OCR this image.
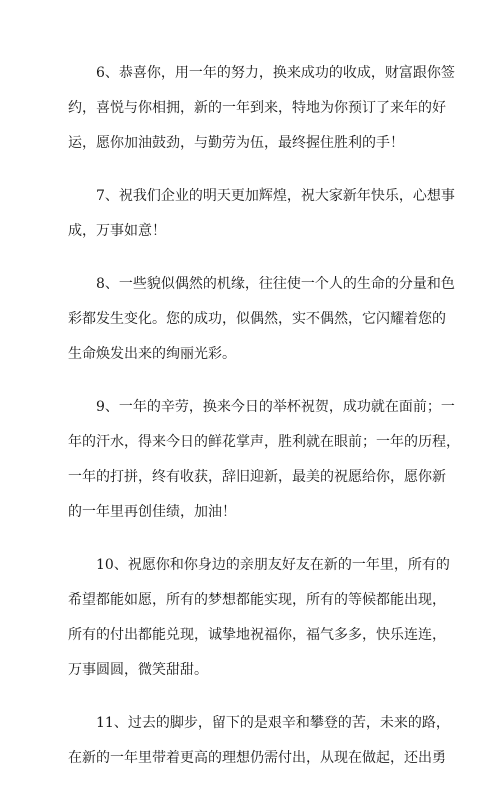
6、恭喜你，用一年的努力，换来成功的收成，财富跟你签
约，喜悦与你相拥，新的一年到来，特地为你预订了来年的好
运，愿你加油鼓劲，与勤劳为伍，最终握住胜利的手！
7、祝我们企业的明天更加辉煌，祝大家新年快乐，心想事
成，万事如意！
8、一些貌似偶然的机缘，往往使一个人的生命的分量和色
彩都发生变化。您的成功，似偶然，实不偶然，它闪耀着您的
生命焕发出来的绚丽光彩。
9、一年的辛劳，换来今日的举杯祝贺，成功就在面前；一
年的汗水，得来今日的鲜花掌声，胜利就在眼前；一年的历程，
一年的打拼，终有收获，辞旧迎新，最美的祝愿给你，愿你新
的一年里再创佳绩，加油！
10、祝愿你和你身边的亲朋友好友在新的一年里，所有的
希望都能如愿，所有的梦想都能实现，所有的等候都能出现，
所有的付出都能兑现，诚挚地祝福你，福气多多，快乐连连，
万事圆圆，微笑甜甜。
11、过去的脚步，留下的是艰辛和攀登的苦，未来的路，
在新的一年里带着更高的理想仍需付出，从现在做起，还出勇
